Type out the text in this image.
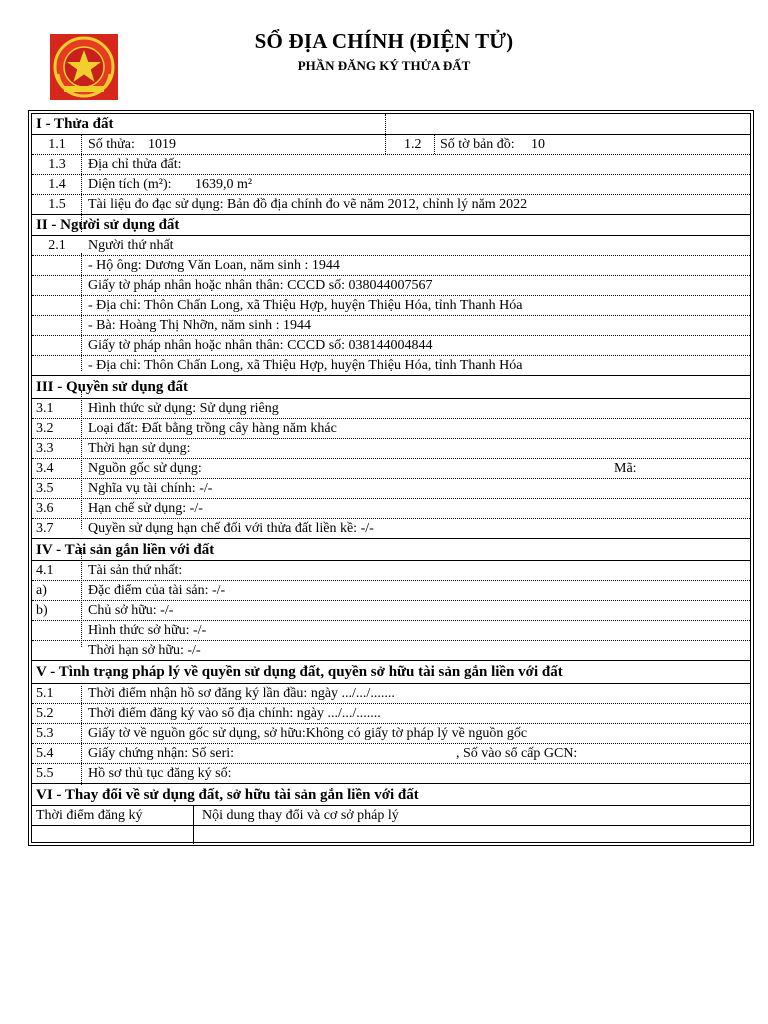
SỔ ĐỊA CHÍNH (ĐIỆN TỬ)
PHẦN ĐĂNG KÝ THỬA ĐẤT
I - Thửa đất
1.1	Số thửa: 1019	1.2 Số tờ bản đồ: 10
1.3	Địa chỉ thửa đất:
1.4	Diện tích (m²): 1639,0 m²
1.5	Tài liệu đo đạc sử dụng: Bản đồ địa chính đo vẽ năm 2012, chỉnh lý năm 2022
II - Người sử dụng đất
2.1	Người thứ nhất
- Hộ ông: Dương Văn Loan, năm sinh : 1944
Giấy tờ pháp nhân hoặc nhân thân: CCCD số: 038044007567
- Địa chỉ: Thôn Chấn Long, xã Thiệu Hợp, huyện Thiệu Hóa, tỉnh Thanh Hóa
- Bà: Hoàng Thị Nhỡn, năm sinh : 1944
Giấy tờ pháp nhân hoặc nhân thân: CCCD số: 038144004844
- Địa chỉ: Thôn Chấn Long, xã Thiệu Hợp, huyện Thiệu Hóa, tỉnh Thanh Hóa
III - Quyền sử dụng đất
3.1 Hình thức sử dụng: Sử dụng riêng
3.2 Loại đất: Đất bằng trồng cây hàng năm khác
3.3 Thời hạn sử dụng:
3.4 Nguồn gốc sử dụng:	Mã:
3.5 Nghĩa vụ tài chính: -/-
3.6 Hạn chế sử dụng: -/-
3.7 Quyền sử dụng hạn chế đối với thửa đất liền kề: -/-
IV - Tài sản gắn liền với đất
4.1 Tài sản thứ nhất:
a)	Đặc điểm của tài sản: -/-
b)	Chủ sở hữu: -/-
Hình thức sở hữu: -/-
Thời hạn sở hữu: -/-
V - Tình trạng pháp lý về quyền sử dụng đất, quyền sở hữu tài sản gắn liền với đất
5.1 Thời điểm nhận hồ sơ đăng ký lần đầu: ngày .../.../.......
5.2 Thời điểm đăng ký vào sổ địa chính: ngày .../.../.......
5.3 Giấy tờ về nguồn gốc sử dụng, sở hữu:Không có giấy tờ pháp lý về nguồn gốc
5.4 Giấy chứng nhận: Số seri:	, Số vào sổ cấp GCN:
5.5 Hồ sơ thủ tục đăng ký số:
VI - Thay đổi về sử dụng đất, sở hữu tài sản gắn liền với đất
Thời điểm đăng ký	Nội dung thay đổi và cơ sở pháp lý
